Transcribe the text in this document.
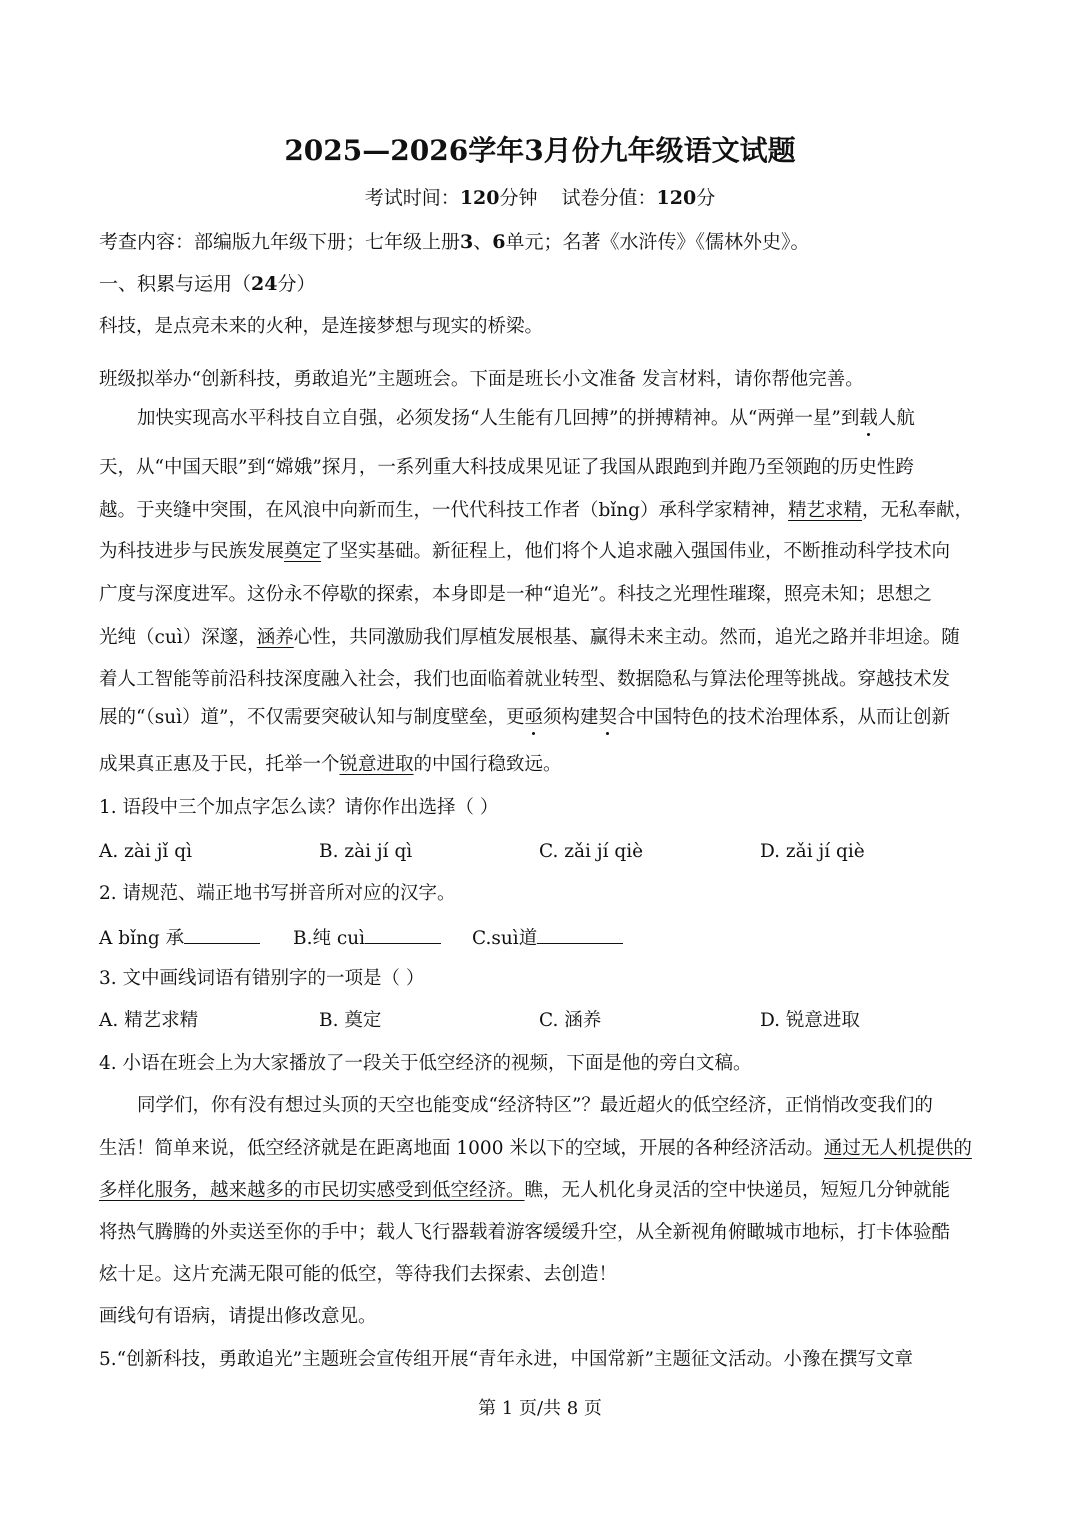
2025—2026学年3月份九年级语文试题
考试时间：120分钟 试卷分值：120分
考查内容：部编版九年级下册；七年级上册3、6单元；名著《水浒传》《儒林外史》。
一、积累与运用（24分）
科技，是点亮未来的火种，是连接梦想与现实的桥梁。
班级拟举办“创新科技，勇敢追光”主题班会。下面是班长小文准备 发言材料，请你帮他完善。
加快实现高水平科技自立自强，必须发扬“人生能有几回搏”的拼搏精神。从“两弹一星”到载人航
天，从“中国天眼”到“嫦娥”探月，一系列重大科技成果见证了我国从跟跑到并跑乃至领跑的历史性跨
越。于夹缝中突围，在风浪中向新而生，一代代科技工作者（bǐng）承科学家精神，精艺求精，无私奉献，
为科技进步与民族发展奠定了坚实基础。新征程上，他们将个人追求融入强国伟业，不断推动科学技术向
广度与深度进军。这份永不停歇的探索，本身即是一种“追光”。科技之光理性璀璨，照亮未知；思想之
光纯（cuì）深邃，涵养心性，共同激励我们厚植发展根基、赢得未来主动。然而，追光之路并非坦途。随
着人工智能等前沿科技深度融入社会，我们也面临着就业转型、数据隐私与算法伦理等挑战。穿越技术发
展的“（suì）道”，不仅需要突破认知与制度壁垒，更亟须构建契合中国特色的技术治理体系，从而让创新
成果真正惠及于民，托举一个锐意进取的中国行稳致远。
1. 语段中三个加点字怎么读？请你作出选择（ ）
A. zài jǐ qì	B. zài jí qì	C. zǎi jí qiè	D. zǎi jí qiè
2. 请规范、端正地书写拼音所对应的汉字。
A bǐng 承	B.纯 cuì	C.suì道
3. 文中画线词语有错别字的一项是（ ）
A. 精艺求精	B. 奠定	C. 涵养	D. 锐意进取
4. 小语在班会上为大家播放了一段关于低空经济的视频，下面是他的旁白文稿。
同学们，你有没有想过头顶的天空也能变成“经济特区”？最近超火的低空经济，正悄悄改变我们的
生活！简单来说，低空经济就是在距离地面 1000 米以下的空域，开展的各种经济活动。通过无人机提供的
多样化服务，越来越多的市民切实感受到低空经济。瞧，无人机化身灵活的空中快递员，短短几分钟就能
将热气腾腾的外卖送至你的手中；载人飞行器载着游客缓缓升空，从全新视角俯瞰城市地标，打卡体验酷
炫十足。这片充满无限可能的低空，等待我们去探索、去创造！
画线句有语病，请提出修改意见。
5.“创新科技，勇敢追光”主题班会宣传组开展“青年永进，中国常新”主题征文活动。小豫在撰写文章
第 1 页/共 8 页
